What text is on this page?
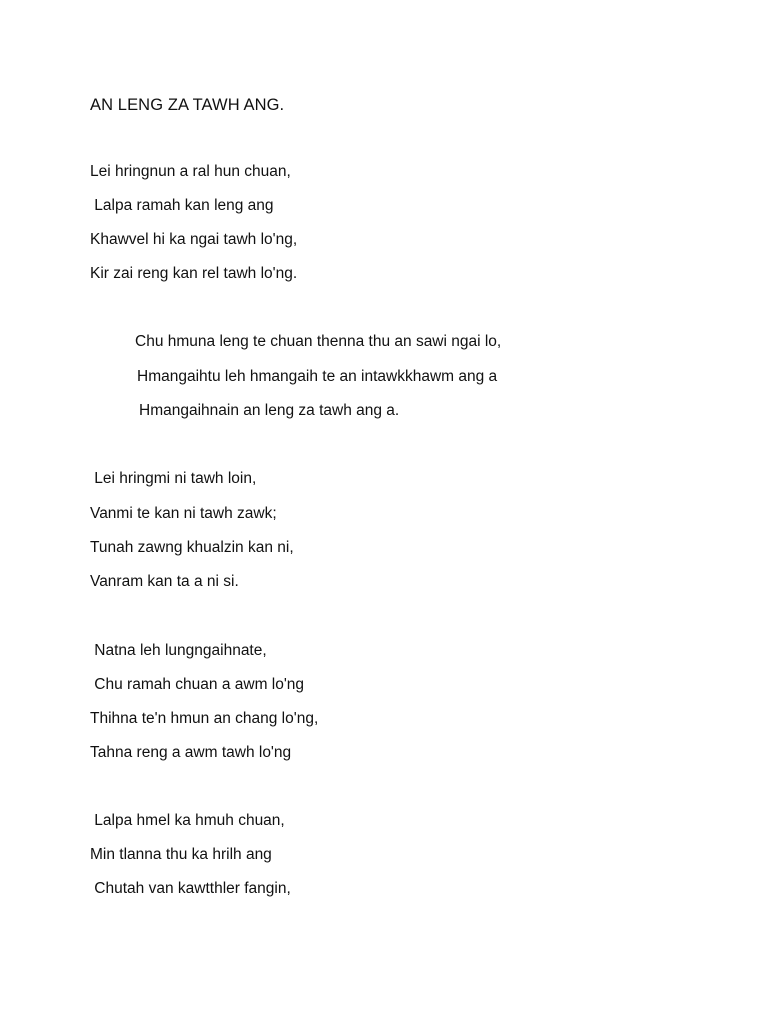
AN LENG ZA TAWH ANG.
Lei hringnun a ral hun chuan,
Lalpa ramah kan leng ang
Khawvel hi ka ngai tawh lo'ng,
Kir zai reng kan rel tawh lo'ng.
Chu hmuna leng te chuan thenna thu an sawi ngai lo,
Hmangaihtu leh hmangaih te an intawkkhawm ang a
Hmangaihnain an leng za tawh ang a.
Lei hringmi ni tawh loin,
Vanmi te kan ni tawh zawk;
Tunah zawng khualzin kan ni,
Vanram kan ta a ni si.
Natna leh lungngaihnate,
Chu ramah chuan a awm lo'ng
Thihna te'n hmun an chang lo'ng,
Tahna reng a awm tawh lo'ng
Lalpa hmel ka hmuh chuan,
Min tlanna thu ka hrilh ang
Chutah van kawtthler fangin,
